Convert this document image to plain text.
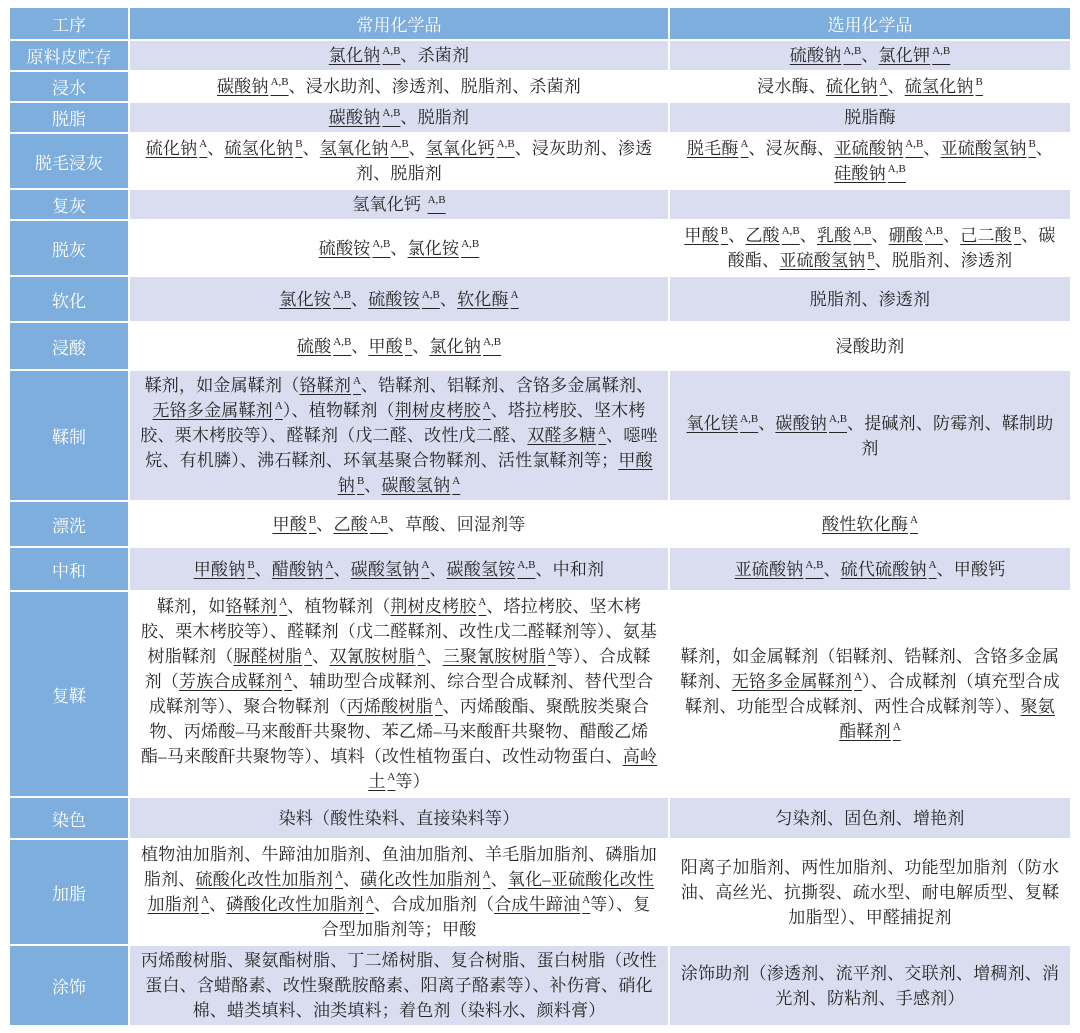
工序	常用化学品	选用化学品
原料皮贮存	氯化钠 $^{A,B}$、杀菌剂	硫酸钠 $^{A,B}$、氯化钾 $^{A,B}$
浸水	碳酸钠 $^{A,B}$、浸水助剂、渗透剂、脱脂剂、杀菌剂	浸水酶、硫化钠 $^A$、硫氢化钠 $^B$
脱脂	碳酸钠 $^{A,B}$、脱脂剂	脱脂酶
脱毛浸灰	硫化钠 $^A$、硫氢化钠 $^B$、氢氧化钠 $^{A,B}$、氢氧化钙 $^{A,B}$、浸灰助剂、渗透剂、脱脂剂	脱毛酶 $^A$、浸灰酶、亚硫酸钠 $^{A,B}$、亚硫酸氢钠 $^B$、硅酸钠 $^{A,B}$
复灰	氢氧化钙 $^{A,B}$	
脱灰	硫酸铵 $^{A,B}$、氯化铵 $^{A,B}$	甲酸 $^B$、乙酸 $^{A,B}$、乳酸 $^{A,B}$、硼酸 $^{A,B}$、己二酸 $^B$、碳酸酯、亚硫酸氢钠 $^B$、脱脂剂、渗透剂
软化	氯化铵 $^{A,B}$、硫酸铵 $^{A,B}$、软化酶 $^A$	脱脂剂、渗透剂
浸酸	硫酸 $^{A,B}$、甲酸 $^B$、氯化钠 $^{A,B}$	浸酸助剂
鞣制	鞣剂，如金属鞣剂（铬鞣剂 $^A$、锆鞣剂、铝鞣剂、含铬多金属鞣剂、无铬多金属鞣剂 $^A$）、植物鞣剂（荆树皮栲胶 $^A$、塔拉栲胶、坚木栲胶、栗木栲胶等）、醛鞣剂（戊二醛、改性戊二醛、双醛多糖 $^A$、噁唑烷、有机膦）、沸石鞣剂、环氧基聚合物鞣剂、活性氯鞣剂等；甲酸钠 $^B$、碳酸氢钠 $^A$	氧化镁 $^{A,B}$、碳酸钠 $^{A,B}$、提碱剂、防霉剂、鞣制助剂
漂洗	甲酸 $^B$、乙酸 $^{A,B}$、草酸、回湿剂等	酸性软化酶 $^A$
中和	甲酸钠 $^B$、醋酸钠 $^A$、碳酸氢钠 $^A$、碳酸氢铵 $^{A,B}$、中和剂	亚硫酸钠 $^{A,B}$、硫代硫酸钠 $^A$、甲酸钙
复鞣	鞣剂，如铬鞣剂 $^A$、植物鞣剂（荆树皮栲胶 $^A$、塔拉栲胶、坚木栲胶、栗木栲胶等）、醛鞣剂（戊二醛鞣剂、改性戊二醛鞣剂等）、氨基树脂鞣剂（脲醛树脂 $^A$、双氰胺树脂 $^A$、三聚氰胺树脂 $^A$等）、合成鞣剂（芳族合成鞣剂 $^A$、辅助型合成鞣剂、综合型合成鞣剂、替代型合成鞣剂等）、聚合物鞣剂（丙烯酸树脂 $^A$、丙烯酸酯、聚酰胺类聚合物、丙烯酸–马来酸酐共聚物、苯乙烯–马来酸酐共聚物、醋酸乙烯酯–马来酸酐共聚物等）、填料（改性植物蛋白、改性动物蛋白、高岭土 $^A$等）	鞣剂，如金属鞣剂（铝鞣剂、锆鞣剂、含铬多金属鞣剂、无铬多金属鞣剂 $^A$）、合成鞣剂（填充型合成鞣剂、功能型合成鞣剂、两性合成鞣剂等）、聚氨酯鞣剂 $^A$
染色	染料（酸性染料、直接染料等）	匀染剂、固色剂、增艳剂
加脂	植物油加脂剂、牛蹄油加脂剂、鱼油加脂剂、羊毛脂加脂剂、磷脂加脂剂、硫酸化改性加脂剂 $^A$、磺化改性加脂剂 $^A$、氧化–亚硫酸化改性加脂剂 $^A$、磷酸化改性加脂剂 $^A$、合成加脂剂（合成牛蹄油 $^A$等）、复合型加脂剂等；甲酸	阳离子加脂剂、两性加脂剂、功能型加脂剂（防水油、高丝光、抗撕裂、疏水型、耐电解质型、复鞣加脂型）、甲醛捕捉剂
涂饰	丙烯酸树脂、聚氨酯树脂、丁二烯树脂、复合树脂、蛋白树脂（改性蛋白、含蜡酪素、改性聚酰胺酪素、阳离子酪素等）、补伤膏、硝化棉、蜡类填料、油类填料；着色剂（染料水、颜料膏）	涂饰助剂（渗透剂、流平剂、交联剂、增稠剂、消光剂、防粘剂、手感剂）
